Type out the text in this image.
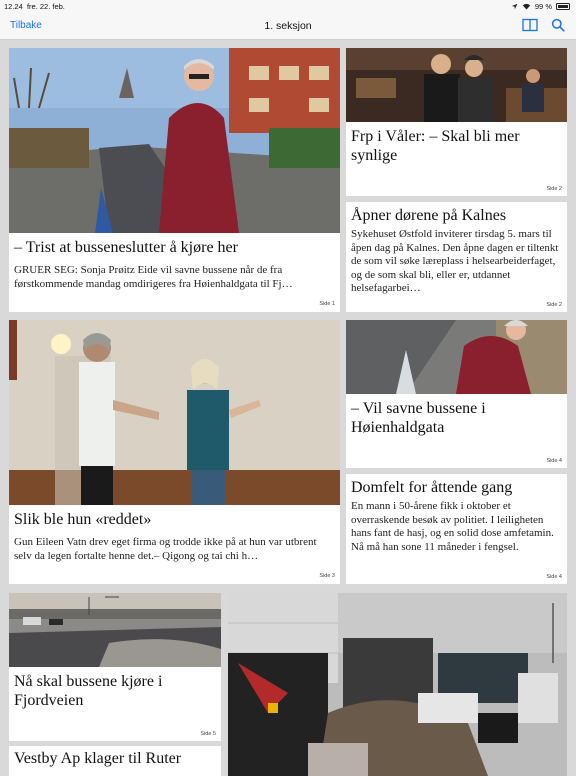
12.24 fre. 22. feb.	99 %
Tilbake	1. seksjon
– Trist at busseneslutter å kjøre her
GRUER SEG: Sonja Prøitz Eide vil savne bussene når de fra førstkommende mandag omdirigeres fra Høienhaldgata til Fj…
Side 1
Frp i Våler: – Skal bli mer synlige
Side 2
Åpner dørene på Kalnes
Sykehuset Østfold inviterer tirsdag 5. mars til åpen dag på Kalnes. Den åpne dagen er tiltenkt de som vil søke læreplass i helsearbeiderfaget, og de som skal bli, eller er, utdannet helsefagarbei…
Side 2
Slik ble hun «reddet»
Gun Eileen Vatn drev eget firma og trodde ikke på at hun var utbrent selv da legen fortalte henne det.– Qigong og tai chi h…
Side 3
– Vil savne bussene i Høienhaldgata
Side 4
Domfelt for åttende gang
En mann i 50-årene fikk i oktober et overraskende besøk av politiet. I leiligheten hans fant de hasj, og en solid dose amfetamin. Nå må han sone 11 måneder i fengsel.
Side 4
Nå skal bussene kjøre i Fjordveien
Side 5
Vestby Ap klager til Ruter
